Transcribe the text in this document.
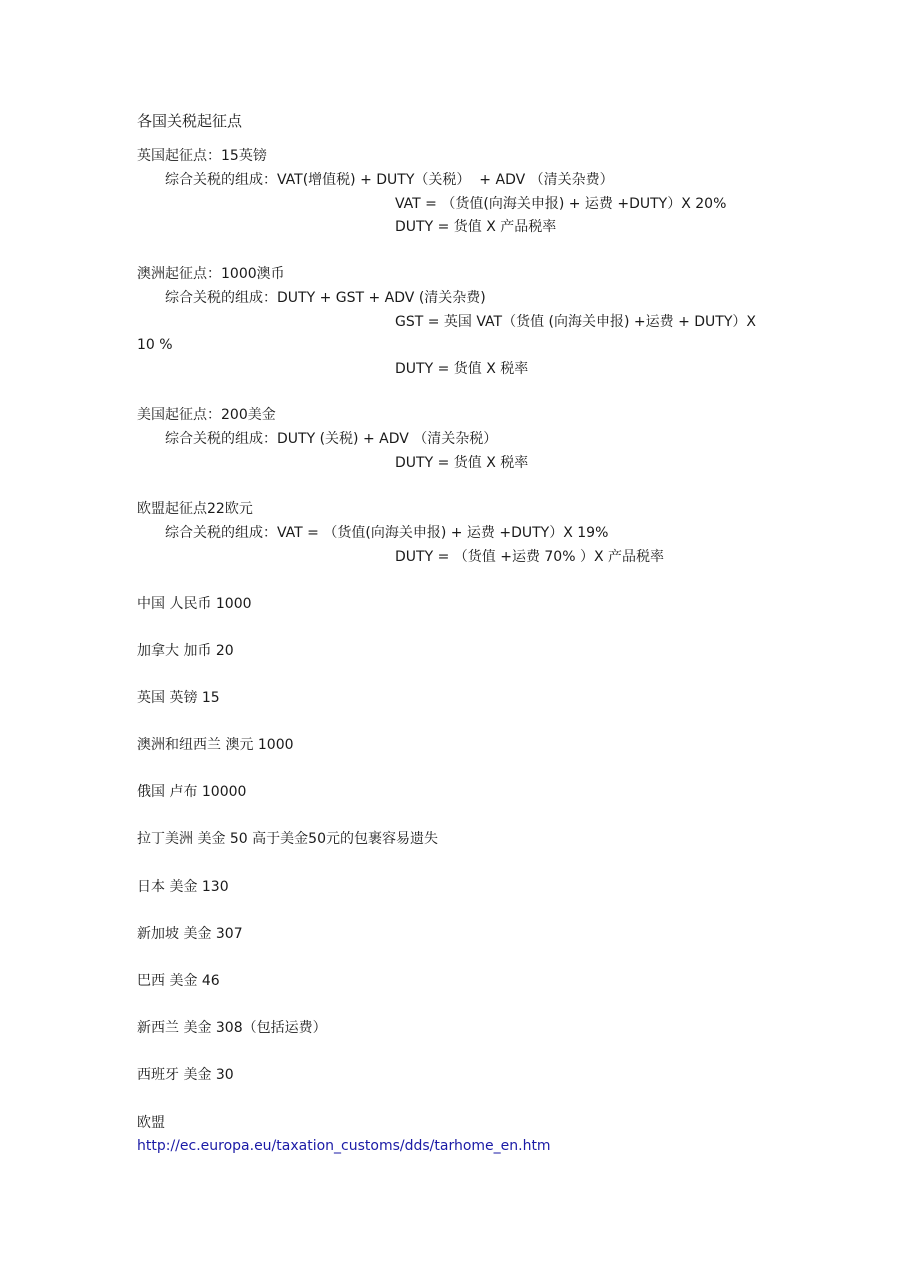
各国关税起征点
英国起征点：15英镑
综合关税的组成：VAT(增值税) + DUTY（关税）  + ADV （清关杂费）
VAT = （货值(向海关申报) + 运费 +DUTY）X 20%
DUTY = 货值 X 产品税率
澳洲起征点：1000澳币
综合关税的组成：DUTY + GST + ADV (清关杂费)
GST = 英国 VAT（货值 (向海关申报) +运费 + DUTY）X
10 %
DUTY = 货值 X 税率
美国起征点：200美金
综合关税的组成：DUTY (关税) + ADV （清关杂税）
DUTY = 货值 X 税率
欧盟起征点22欧元
综合关税的组成：VAT = （货值(向海关申报) + 运费 +DUTY）X 19%
DUTY = （货值 +运费 70% ）X 产品税率
中国 人民币 1000
加拿大 加币 20
英国 英镑 15
澳洲和纽西兰 澳元 1000
俄国 卢布 10000
拉丁美洲 美金 50 高于美金50元的包裹容易遗失
日本 美金 130
新加坡 美金 307
巴西 美金 46
新西兰 美金 308（包括运费）
西班牙 美金 30
欧盟
http://ec.europa.eu/taxation_customs/dds/tarhome_en.htm
